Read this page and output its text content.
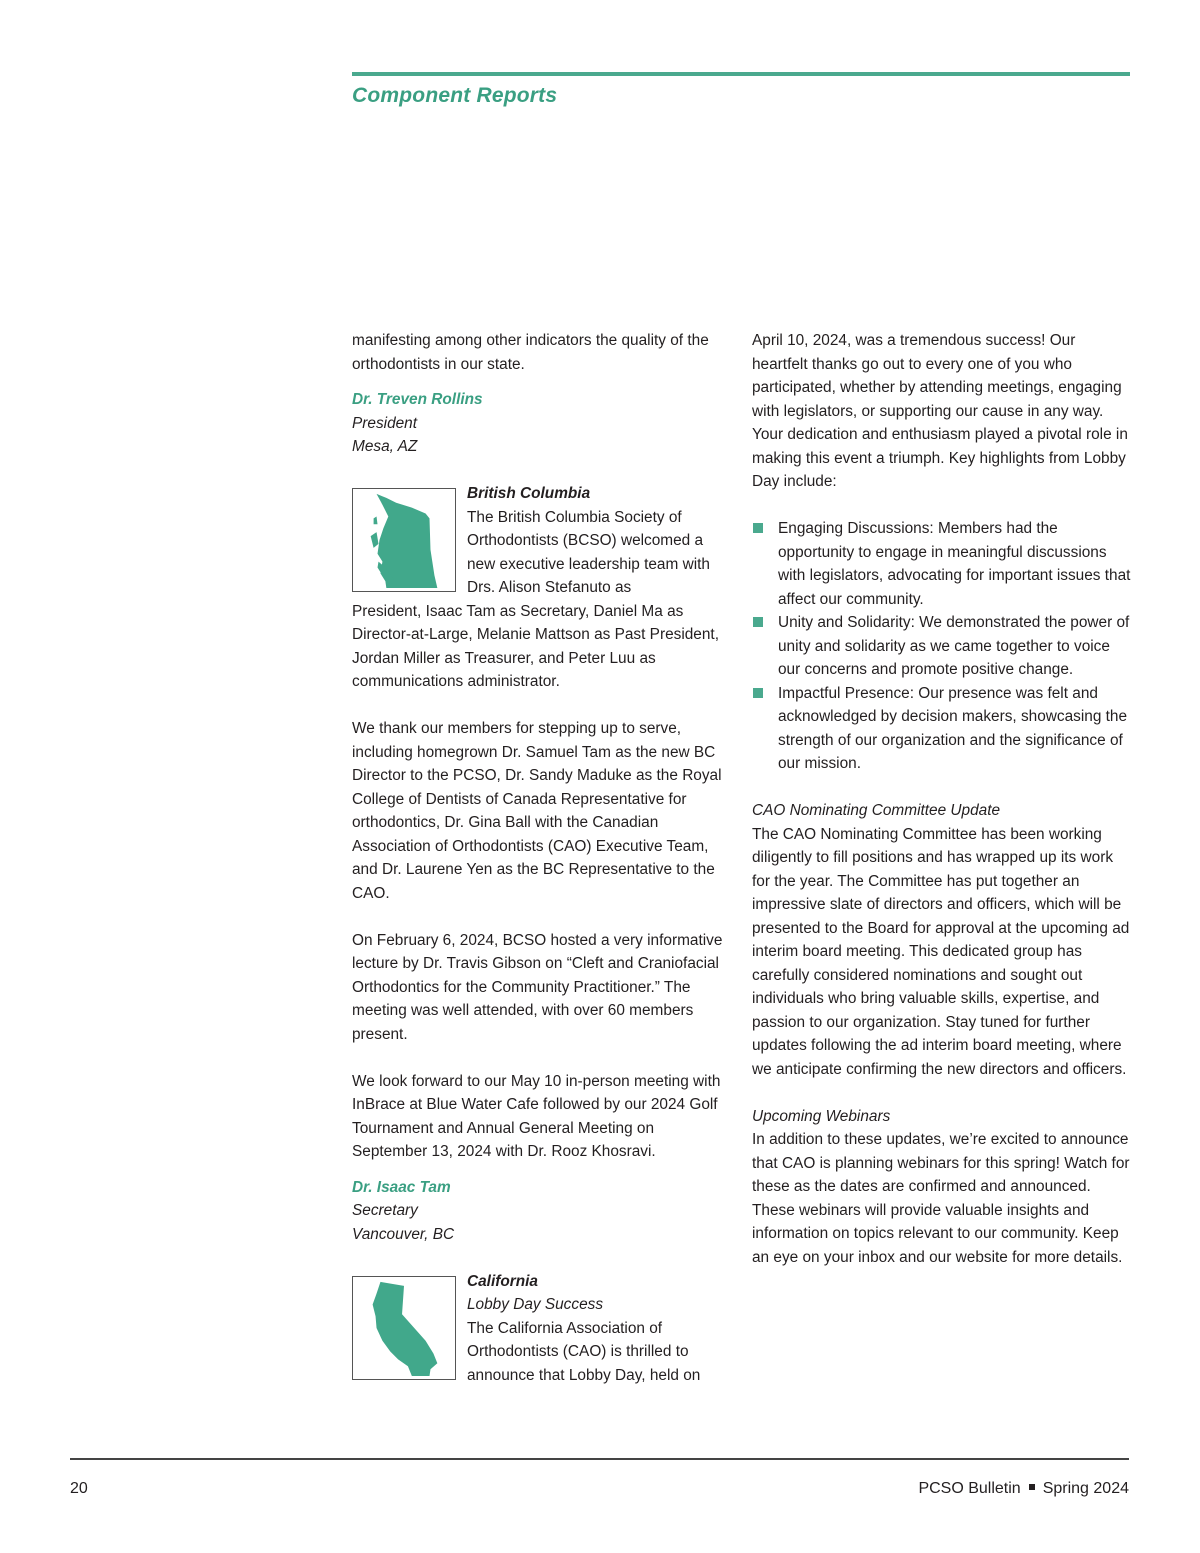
Component Reports

manifesting among other indicators the quality of the orthodontists in our state.

Dr. Treven Rollins
President
Mesa, AZ
British Columbia
The British Columbia Society of Orthodontists (BCSO) welcomed a new executive leadership team with Drs. Alison Stefanuto as
President, Isaac Tam as Secretary, Daniel Ma as Director-at-Large, Melanie Mattson as Past President, Jordan Miller as Treasurer, and Peter Luu as communications administrator.

We thank our members for stepping up to serve, including homegrown Dr. Samuel Tam as the new BC Director to the PCSO, Dr. Sandy Maduke as the Royal College of Dentists of Canada Representative for orthodontics, Dr. Gina Ball with the Canadian Association of Orthodontists (CAO) Executive Team, and Dr. Laurene Yen as the BC Representative to the CAO.

On February 6, 2024, BCSO hosted a very informative lecture by Dr. Travis Gibson on “Cleft and Craniofacial Orthodontics for the Community Practitioner.” The meeting was well attended, with over 60 members present.

We look forward to our May 10 in-person meeting with InBrace at Blue Water Cafe followed by our 2024 Golf Tournament and Annual General Meeting on September 13, 2024 with Dr. Rooz Khosravi.

Dr. Isaac Tam
Secretary
Vancouver, BC
California
Lobby Day Success
The California Association of Orthodontists (CAO) is thrilled to announce that Lobby Day, held on

April 10, 2024, was a tremendous success! Our heartfelt thanks go out to every one of you who participated, whether by attending meetings, engaging with legislators, or supporting our cause in any way. Your dedication and enthusiasm played a pivotal role in making this event a triumph. Key highlights from Lobby Day include:

Engaging Discussions: Members had the opportunity to engage in meaningful discussions with legislators, advocating for important issues that affect our community.
Unity and Solidarity: We demonstrated the power of unity and solidarity as we came together to voice our concerns and promote positive change.
Impactful Presence: Our presence was felt and acknowledged by decision makers, showcasing the strength of our organization and the significance of our mission.

CAO Nominating Committee Update

The CAO Nominating Committee has been working diligently to fill positions and has wrapped up its work for the year. The Committee has put together an impressive slate of directors and officers, which will be presented to the Board for approval at the upcoming ad interim board meeting. This dedicated group has carefully considered nominations and sought out individuals who bring valuable skills, expertise, and passion to our organization. Stay tuned for further updates following the ad interim board meeting, where we anticipate confirming the new directors and officers.

Upcoming Webinars

In addition to these updates, we’re excited to announce that CAO is planning webinars for this spring! Watch for these as the dates are confirmed and announced. These webinars will provide valuable insights and information on topics relevant to our community. Keep an eye on your inbox and our website for more details.

20	PCSO Bulletin Spring 2024
